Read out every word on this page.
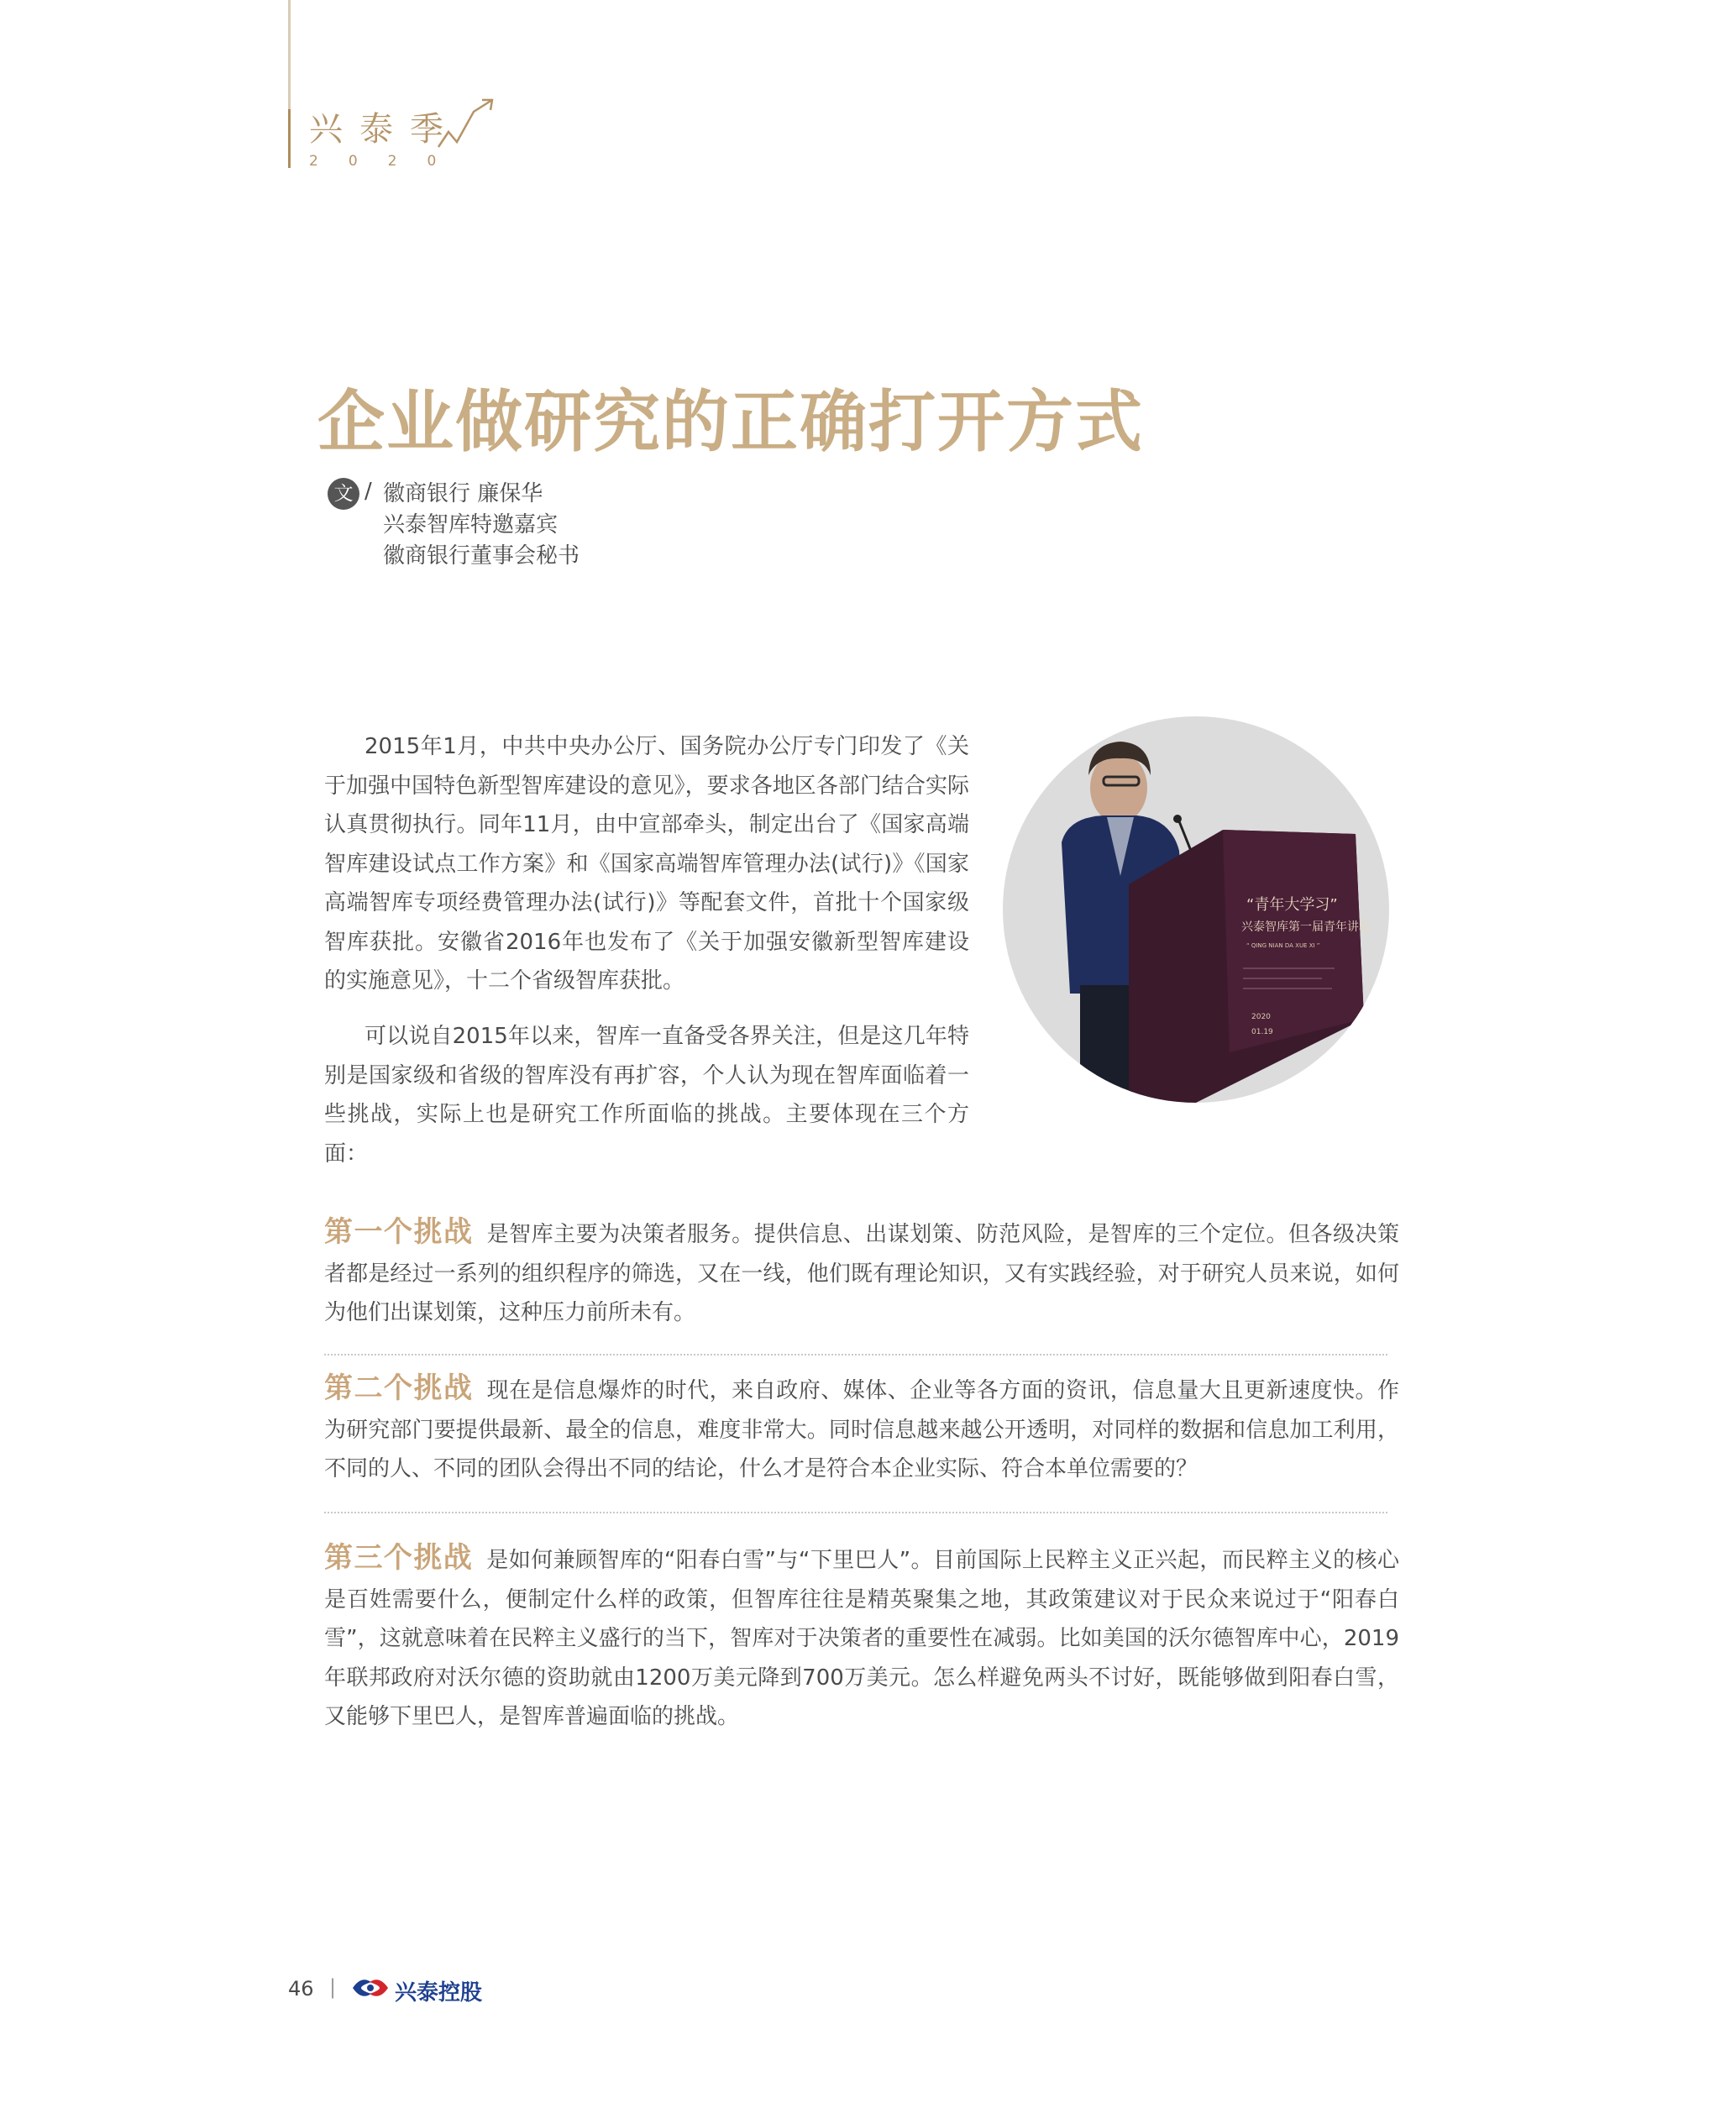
兴泰季
2020
企业做研究的正确打开方式
文 / 徽商银行 廉保华
兴泰智库特邀嘉宾
徽商银行董事会秘书

2015年1月，中共中央办公厅、国务院办公厅专门印发了《关于加强中国特色新型智库建设的意见》，要求各地区各部门结合实际认真贯彻执行。同年11月，由中宣部牵头，制定出台了《国家高端智库建设试点工作方案》和《国家高端智库管理办法(试行)》《国家高端智库专项经费管理办法(试行)》等配套文件，首批十个国家级智库获批。安徽省2016年也发布了《关于加强安徽新型智库建设的实施意见》，十二个省级智库获批。

可以说自2015年以来，智库一直备受各界关注，但是这几年特别是国家级和省级的智库没有再扩容，个人认为现在智库面临着一些挑战，实际上也是研究工作所面临的挑战。主要体现在三个方面：

“青年大学习”
兴泰智库第一届青年讲坛
“ QING NIAN DA XUE XI ”
2020
01.19

第一个挑战 是智库主要为决策者服务。提供信息、出谋划策、防范风险，是智库的三个定位。但各级决策者都是经过一系列的组织程序的筛选，又在一线，他们既有理论知识，又有实践经验，对于研究人员来说，如何为他们出谋划策，这种压力前所未有。

第二个挑战 现在是信息爆炸的时代，来自政府、媒体、企业等各方面的资讯，信息量大且更新速度快。作为研究部门要提供最新、最全的信息，难度非常大。同时信息越来越公开透明，对同样的数据和信息加工利用，不同的人、不同的团队会得出不同的结论，什么才是符合本企业实际、符合本单位需要的？

第三个挑战 是如何兼顾智库的“阳春白雪”与“下里巴人”。目前国际上民粹主义正兴起，而民粹主义的核心是百姓需要什么，便制定什么样的政策，但智库往往是精英聚集之地，其政策建议对于民众来说过于“阳春白雪”，这就意味着在民粹主义盛行的当下，智库对于决策者的重要性在减弱。比如美国的沃尔德智库中心，2019年联邦政府对沃尔德的资助就由1200万美元降到700万美元。怎么样避免两头不讨好，既能够做到阳春白雪，又能够下里巴人，是智库普遍面临的挑战。

46 |	兴泰控股
